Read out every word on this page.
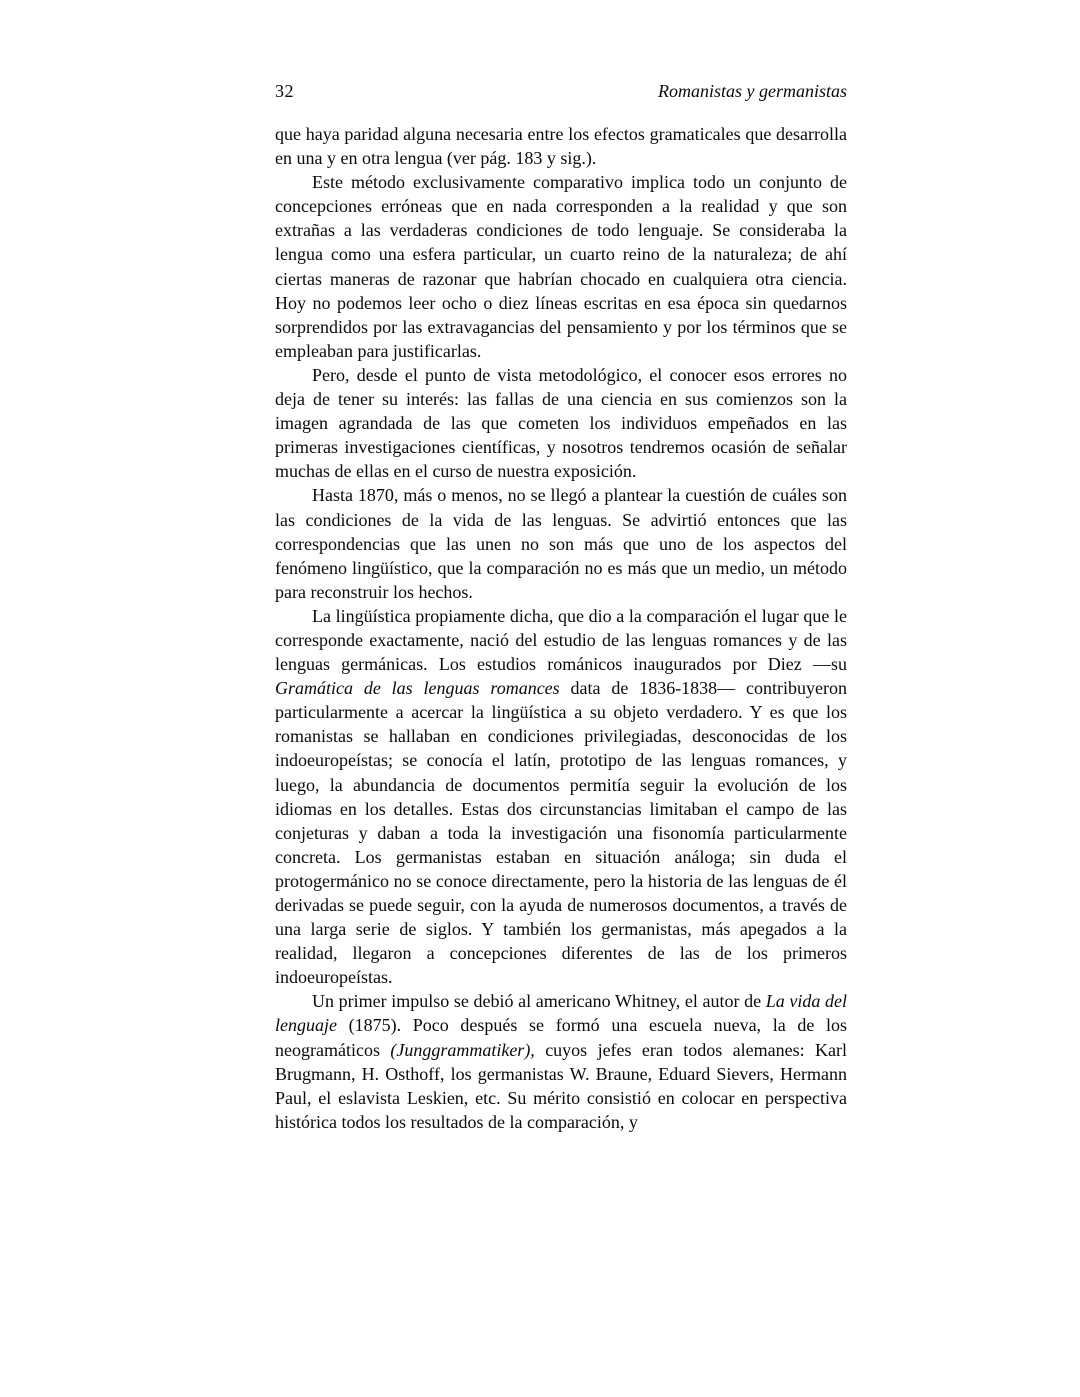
32	Romanistas y germanistas

que haya paridad alguna necesaria entre los efectos gramaticales que desarrolla en una y en otra lengua (ver pág. 183 y sig.).

Este método exclusivamente comparativo implica todo un conjunto de concepciones erróneas que en nada corresponden a la realidad y que son extrañas a las verdaderas condiciones de todo lenguaje. Se consideraba la lengua como una esfera particular, un cuarto reino de la naturaleza; de ahí ciertas maneras de razonar que habrían chocado en cualquiera otra ciencia. Hoy no podemos leer ocho o diez líneas escritas en esa época sin quedarnos sorprendidos por las extravagancias del pensamiento y por los términos que se empleaban para justificarlas.

Pero, desde el punto de vista metodológico, el conocer esos errores no deja de tener su interés: las fallas de una ciencia en sus comienzos son la imagen agrandada de las que cometen los individuos empeñados en las primeras investigaciones científicas, y nosotros tendremos ocasión de señalar muchas de ellas en el curso de nuestra exposición.

Hasta 1870, más o menos, no se llegó a plantear la cuestión de cuáles son las condiciones de la vida de las lenguas. Se advirtió entonces que las correspondencias que las unen no son más que uno de los aspectos del fenómeno lingüístico, que la comparación no es más que un medio, un método para reconstruir los hechos.

La lingüística propiamente dicha, que dio a la comparación el lugar que le corresponde exactamente, nació del estudio de las lenguas romances y de las lenguas germánicas. Los estudios románicos inaugurados por Diez —su Gramática de las lenguas romances data de 1836-1838— contribuyeron particularmente a acercar la lingüística a su objeto verdadero. Y es que los romanistas se hallaban en condiciones privilegiadas, desconocidas de los indoeuropeístas; se conocía el latín, prototipo de las lenguas romances, y luego, la abundancia de documentos permitía seguir la evolución de los idiomas en los detalles. Estas dos circunstancias limitaban el campo de las conjeturas y daban a toda la investigación una fisonomía particularmente concreta. Los germanistas estaban en situación análoga; sin duda el protogermánico no se conoce directamente, pero la historia de las lenguas de él derivadas se puede seguir, con la ayuda de numerosos documentos, a través de una larga serie de siglos. Y también los germanistas, más apegados a la realidad, llegaron a concepciones diferentes de las de los primeros indoeuropeístas.

Un primer impulso se debió al americano Whitney, el autor de La vida del lenguaje (1875). Poco después se formó una escuela nueva, la de los neogramáticos (Junggrammatiker), cuyos jefes eran todos alemanes: Karl Brugmann, H. Osthoff, los germanistas W. Braune, Eduard Sievers, Hermann Paul, el eslavista Leskien, etc. Su mérito consistió en colocar en perspectiva histórica todos los resultados de la comparación, y
